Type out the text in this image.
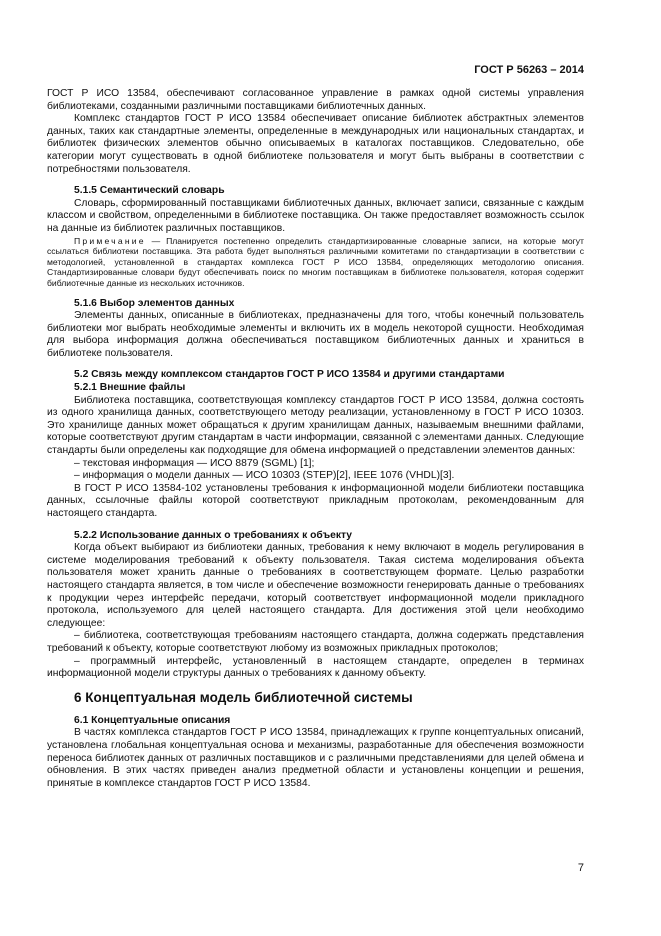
ГОСТ Р 56263 – 2014

ГОСТ Р ИСО 13584, обеспечивают согласованное управление в рамках одной системы управления библиотеками, созданными различными поставщиками библиотечных данных.

Комплекс стандартов ГОСТ Р ИСО 13584 обеспечивает описание библиотек абстрактных элементов данных, таких как стандартные элементы, определенные в международных или национальных стандартах, и библиотек физических элементов обычно описываемых в каталогах поставщиков. Следовательно, обе категории могут существовать в одной библиотеке пользователя и могут быть выбраны в соответствии с потребностями пользователя.

5.1.5 Семантический словарь

Словарь, сформированный поставщиками библиотечных данных, включает записи, связанные с каждым классом и свойством, определенными в библиотеке поставщика. Он также предоставляет возможность ссылок на данные из библиотек различных поставщиков.

Примечание — Планируется постепенно определить стандартизированные словарные записи, на которые могут ссылаться библиотеки поставщика. Эта работа будет выполняться различными комитетами по стандартизации в соответствии с методологией, установленной в стандартах комплекса ГОСТ Р ИСО 13584, определяющих методологию описания. Стандартизированные словари будут обеспечивать поиск по многим поставщикам в библиотеке пользователя, которая содержит библиотечные данные из нескольких источников.

5.1.6 Выбор элементов данных

Элементы данных, описанные в библиотеках, предназначены для того, чтобы конечный пользователь библиотеки мог выбрать необходимые элементы и включить их в модель некоторой сущности. Необходимая для выбора информация должна обеспечиваться поставщиком библиотечных данных и храниться в библиотеке пользователя.

5.2 Связь между комплексом стандартов ГОСТ Р ИСО 13584 и другими стандартами

5.2.1 Внешние файлы

Библиотека поставщика, соответствующая комплексу стандартов ГОСТ Р ИСО 13584, должна состоять из одного хранилища данных, соответствующего методу реализации, установленному в ГОСТ Р ИСО 10303. Это хранилище данных может обращаться к другим хранилищам данных, называемым внешними файлами, которые соответствуют другим стандартам в части информации, связанной с элементами данных. Следующие стандарты были определены как подходящие для обмена информацией о представлении элементов данных:

– текстовая информация — ИСО 8879 (SGML) [1];

– информация о модели данных — ИСО 10303 (STEP)[2], IEEE 1076 (VHDL)[3].

В ГОСТ Р ИСО 13584-102 установлены требования к информационной модели библиотеки поставщика данных, ссылочные файлы которой соответствуют прикладным протоколам, рекомендованным для настоящего стандарта.

5.2.2 Использование данных о требованиях к объекту

Когда объект выбирают из библиотеки данных, требования к нему включают в модель регулирования в системе моделирования требований к объекту пользователя. Такая система моделирования объекта пользователя может хранить данные о требованиях в соответствующем формате. Целью разработки настоящего стандарта является, в том числе и обеспечение возможности генерировать данные о требованиях к продукции через интерфейс передачи, который соответствует информационной модели прикладного протокола, используемого для целей настоящего стандарта. Для достижения этой цели необходимо следующее:

– библиотека, соответствующая требованиям настоящего стандарта, должна содержать представления требований к объекту, которые соответствуют любому из возможных прикладных протоколов;

– программный интерфейс, установленный в настоящем стандарте, определен в терминах информационной модели структуры данных о требованиях к данному объекту.

6 Концептуальная модель библиотечной системы

6.1 Концептуальные описания

В частях комплекса стандартов ГОСТ Р ИСО 13584, принадлежащих к группе концептуальных описаний, установлена глобальная концептуальная основа и механизмы, разработанные для обеспечения возможности переноса библиотек данных от различных поставщиков и с различными представлениями для целей обмена и обновления. В этих частях приведен анализ предметной области и установлены концепции и решения, принятые в комплексе стандартов ГОСТ Р ИСО 13584.

7
